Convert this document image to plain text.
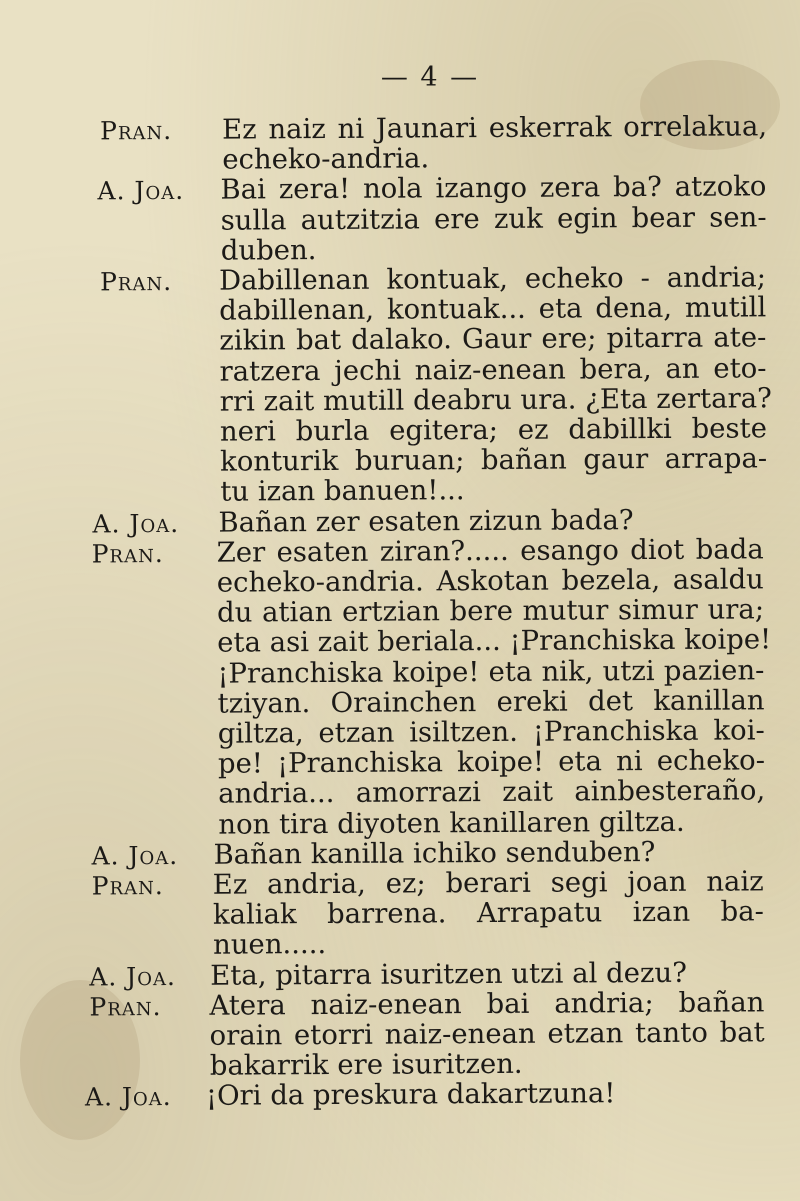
— 4 —
Pran. Ez naiz ni Jaunari eskerrak orrelakua,
echeko-andria.
A. Joa. Bai zera! nola izango zera ba? atzoko
sulla autzitzia ere zuk egin bear sen-
duben.
Pran. Dabillenan kontuak, echeko - andria;
dabillenan, kontuak... eta dena, mutill
zikin bat dalako. Gaur ere; pitarra ate-
ratzera jechi naiz-enean bera, an eto-
rri zait mutill deabru ura. ¿Eta zertara?
neri burla egitera; ez dabillki beste
konturik buruan; bañan gaur arrapa-
tu izan banuen!...
A. Joa. Bañan zer esaten zizun bada?
Pran. Zer esaten ziran?..... esango diot bada
echeko-andria. Askotan bezela, asaldu
du atian ertzian bere mutur simur ura;
eta asi zait beriala... ¡Pranchiska koipe!
¡Pranchiska koipe! eta nik, utzi pazien-
tziyan. Orainchen ereki det kanillan
giltza, etzan isiltzen. ¡Pranchiska koi-
pe! ¡Pranchiska koipe! eta ni echeko-
andria... amorrazi zait ainbesteraño,
non tira diyoten kanillaren giltza.
A. Joa. Bañan kanilla ichiko senduben?
Pran. Ez andria, ez; berari segi joan naiz
kaliak barrena. Arrapatu izan ba-
nuen.....
A. Joa. Eta, pitarra isuritzen utzi al dezu?
Pran. Atera naiz-enean bai andria; bañan
orain etorri naiz-enean etzan tanto bat
bakarrik ere isuritzen.
A. Joa. ¡Ori da preskura dakartzuna!
